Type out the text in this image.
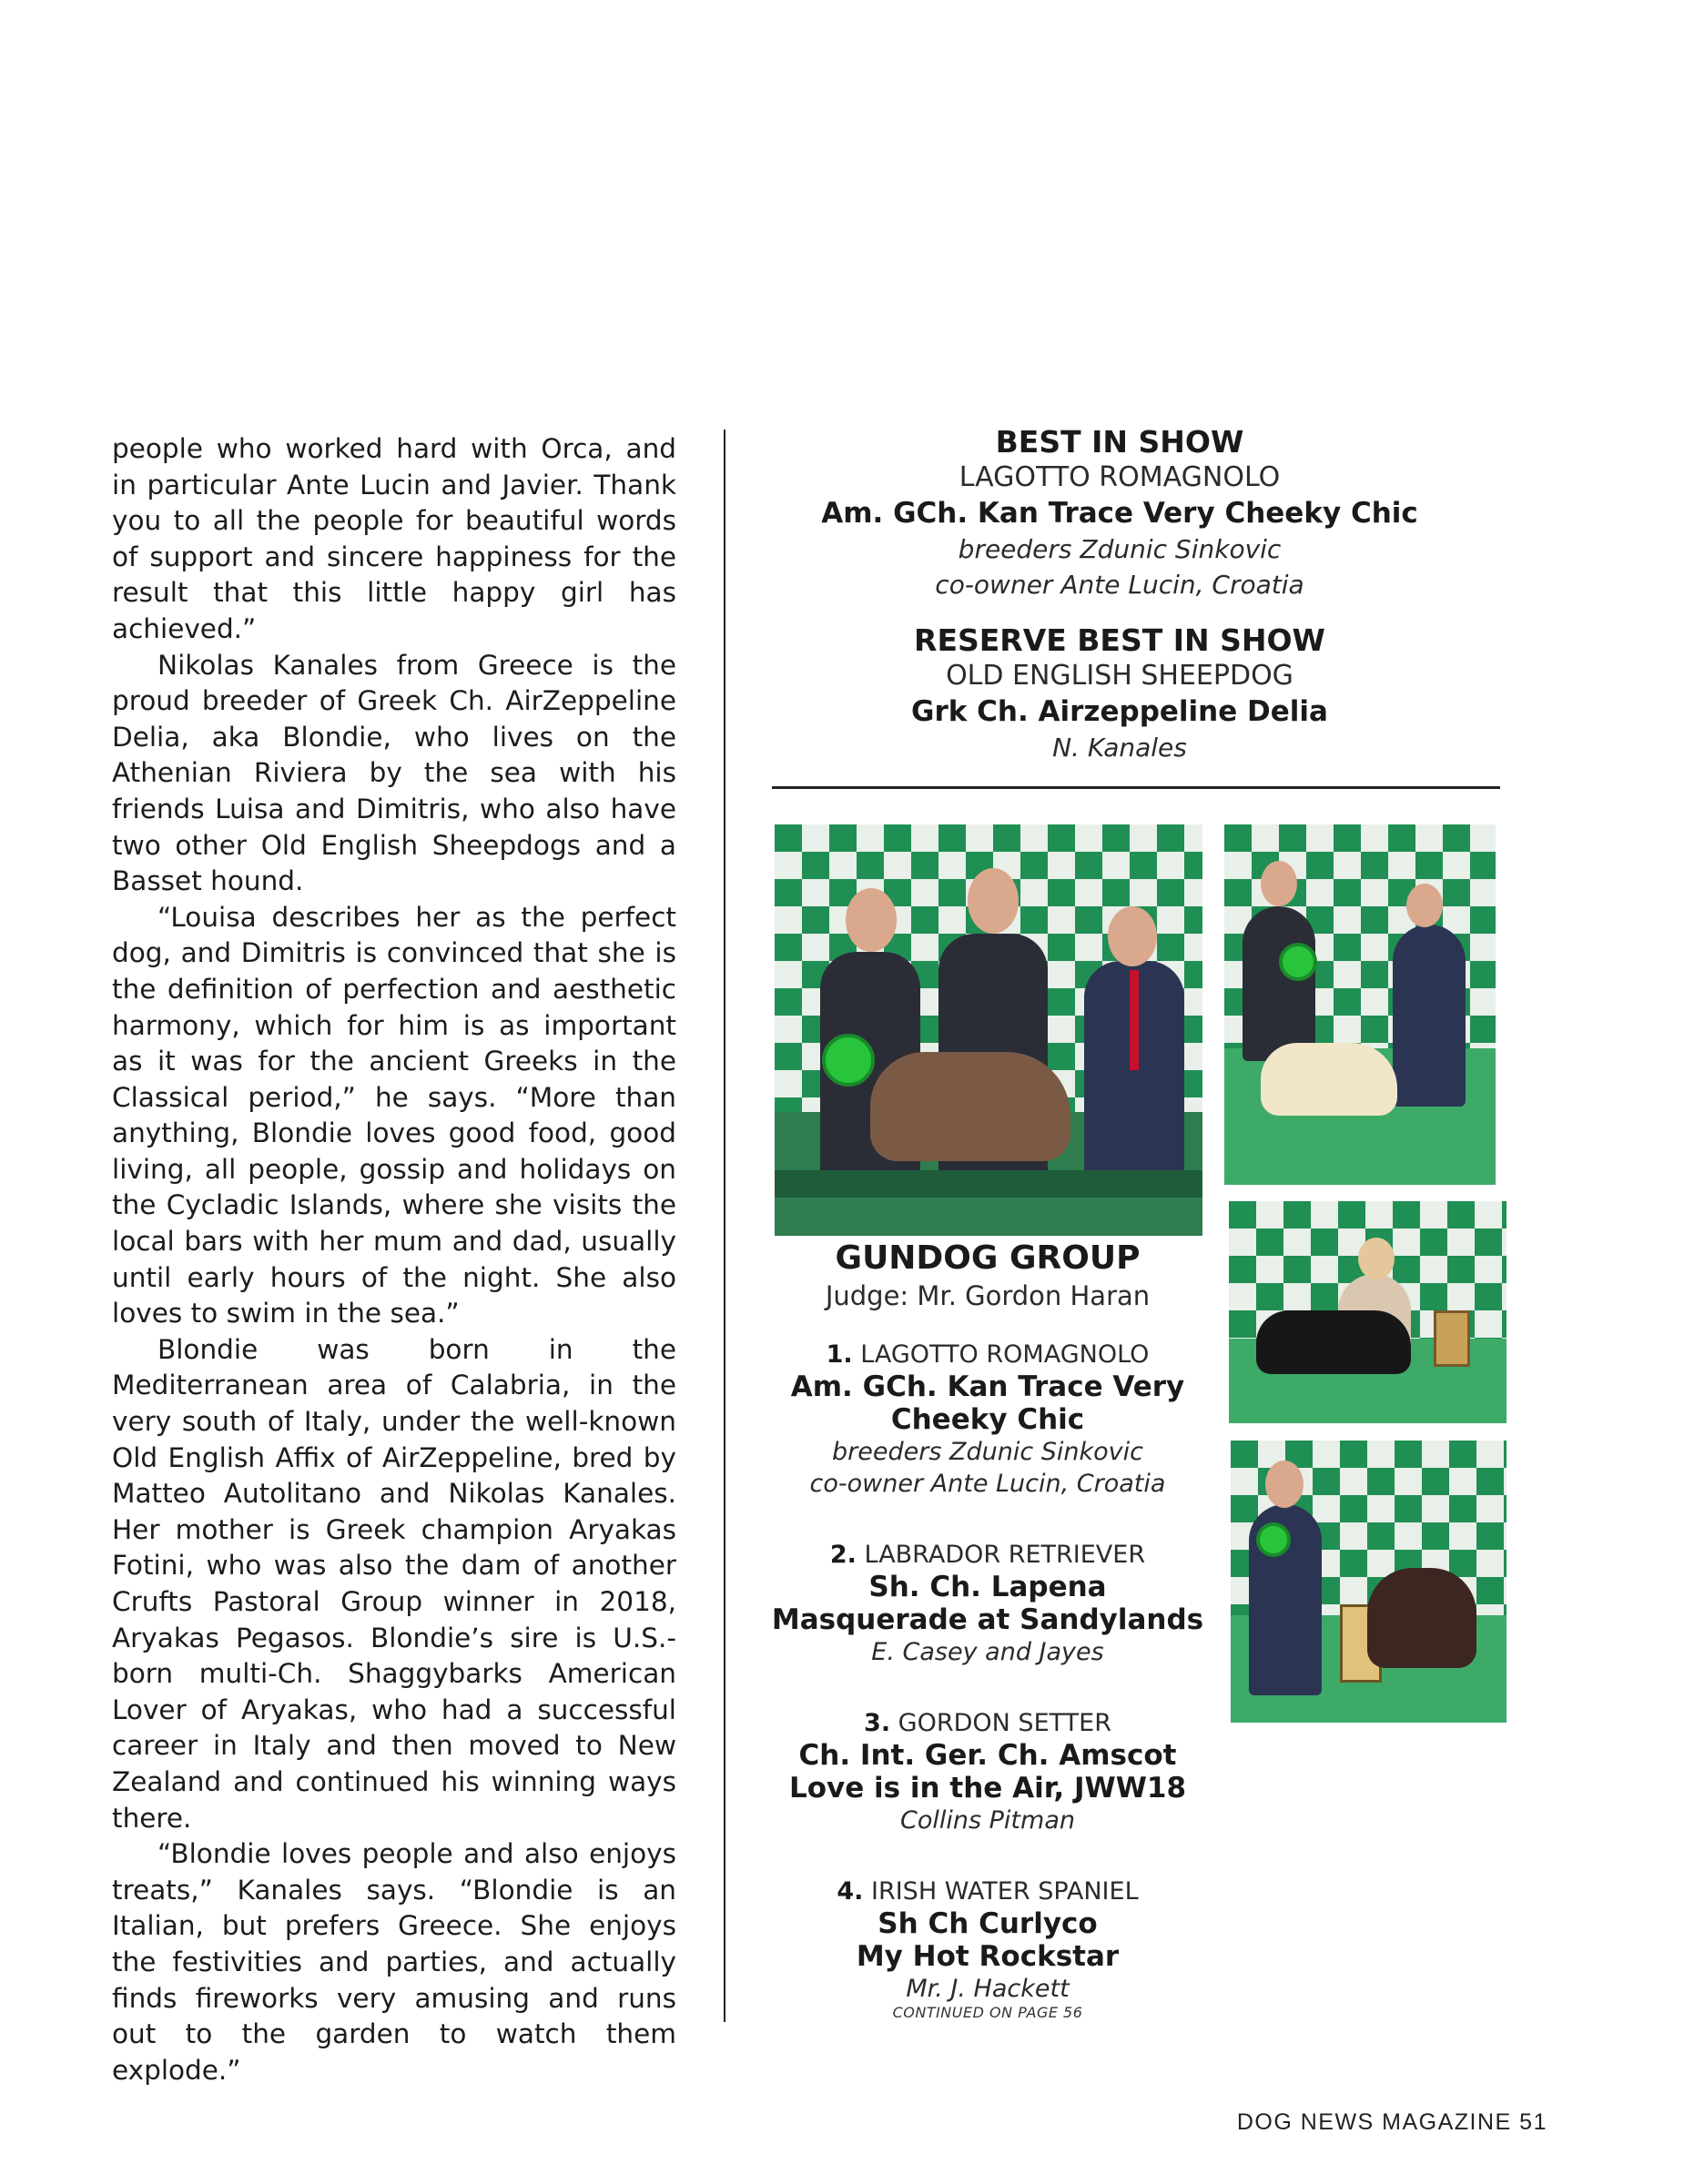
people who worked hard with Orca, and in particular Ante Lucin and Javier. Thank you to all the people for beautiful words of support and sincere happiness for the result that this little happy girl has achieved.”

Nikolas Kanales from Greece is the proud breeder of Greek Ch. AirZeppeline Delia, aka Blondie, who lives on the Athenian Riviera by the sea with his friends Luisa and Dimitris, who also have two other Old English Sheepdogs and a Basset hound.

“Louisa describes her as the perfect dog, and Dimitris is convinced that she is the definition of perfection and aesthetic harmony, which for him is as important as it was for the ancient Greeks in the Classical period,” he says. “More than anything, Blondie loves good food, good living, all people, gossip and holidays on the Cycladic Islands, where she visits the local bars with her mum and dad, usually until early hours of the night. She also loves to swim in the sea.”

Blondie was born in the Mediterranean area of Calabria, in the very south of Italy, under the well-known Old English Affix of AirZeppeline, bred by Matteo Autolitano and Nikolas Kanales. Her mother is Greek champion Aryakas Fotini, who was also the dam of another Crufts Pastoral Group winner in 2018, Aryakas Pegasos. Blondie’s sire is U.S.-born multi-Ch. Shaggybarks American Lover of Aryakas, who had a successful career in Italy and then moved to New Zealand and continued his winning ways there.

“Blondie loves people and also enjoys treats,” Kanales says. “Blondie is an Italian, but prefers Greece. She enjoys the festivities and parties, and actually finds fireworks very amusing and runs out to the garden to watch them explode.”

BEST IN SHOW
LAGOTTO ROMAGNOLO
Am. GCh. Kan Trace Very Cheeky Chic
breeders Zdunic Sinkovic
co-owner Ante Lucin, Croatia
RESERVE BEST IN SHOW
OLD ENGLISH SHEEPDOG
Grk Ch. Airzeppeline Delia
N. Kanales
GUNDOG GROUP
Judge: Mr. Gordon Haran
1. LAGOTTO ROMAGNOLO
Am. GCh. Kan Trace Very
Cheeky Chic
breeders Zdunic Sinkovic
co-owner Ante Lucin, Croatia
2. LABRADOR RETRIEVER
Sh. Ch. Lapena
Masquerade at Sandylands
E. Casey and Jayes
3. GORDON SETTER
Ch. Int. Ger. Ch. Amscot
Love is in the Air, JWW18
Collins Pitman
4. IRISH WATER SPANIEL
Sh Ch Curlyco
My Hot Rockstar
Mr. J. Hackett
CONTINUED ON PAGE 56
DOG NEWS MAGAZINE 51
